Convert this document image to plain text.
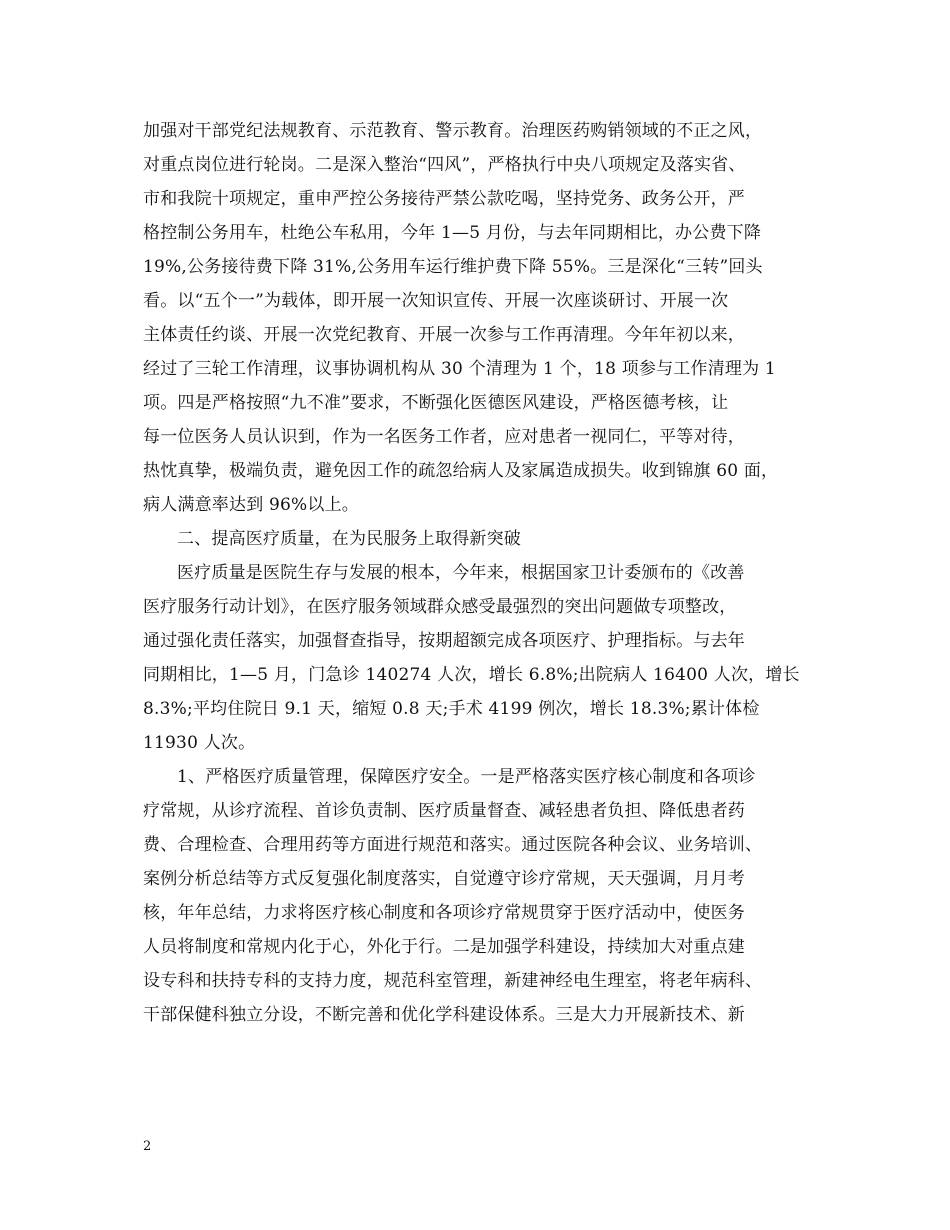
加强对干部党纪法规教育、示范教育、警示教育。治理医药购销领域的不正之风，
对重点岗位进行轮岗。二是深入整治“四风”，严格执行中央八项规定及落实省、
市和我院十项规定，重申严控公务接待严禁公款吃喝，坚持党务、政务公开，严
格控制公务用车，杜绝公车私用，今年 1—5 月份，与去年同期相比，办公费下降
19%,公务接待费下降 31%,公务用车运行维护费下降 55%。三是深化“三转”回头
看。以“五个一”为载体，即开展一次知识宣传、开展一次座谈研讨、开展一次
主体责任约谈、开展一次党纪教育、开展一次参与工作再清理。今年年初以来，
经过了三轮工作清理，议事协调机构从 30 个清理为 1 个，18 项参与工作清理为 1
项。四是严格按照“九不准”要求，不断强化医德医风建设，严格医德考核，让
每一位医务人员认识到，作为一名医务工作者，应对患者一视同仁，平等对待，
热忱真挚，极端负责，避免因工作的疏忽给病人及家属造成损失。收到锦旗 60 面，
病人满意率达到 96%以上。
二、提高医疗质量，在为民服务上取得新突破
医疗质量是医院生存与发展的根本，今年来，根据国家卫计委颁布的《改善
医疗服务行动计划》，在医疗服务领域群众感受最强烈的突出问题做专项整改，
通过强化责任落实，加强督查指导，按期超额完成各项医疗、护理指标。与去年
同期相比，1—5 月，门急诊 140274 人次，增长 6.8%;出院病人 16400 人次，增长
8.3%;平均住院日 9.1 天，缩短 0.8 天;手术 4199 例次，增长 18.3%;累计体检
11930 人次。
1、严格医疗质量管理，保障医疗安全。一是严格落实医疗核心制度和各项诊
疗常规，从诊疗流程、首诊负责制、医疗质量督查、减轻患者负担、降低患者药
费、合理检查、合理用药等方面进行规范和落实。通过医院各种会议、业务培训、
案例分析总结等方式反复强化制度落实，自觉遵守诊疗常规，天天强调，月月考
核，年年总结，力求将医疗核心制度和各项诊疗常规贯穿于医疗活动中，使医务
人员将制度和常规内化于心，外化于行。二是加强学科建设，持续加大对重点建
设专科和扶持专科的支持力度，规范科室管理，新建神经电生理室，将老年病科、
干部保健科独立分设，不断完善和优化学科建设体系。三是大力开展新技术、新
2
